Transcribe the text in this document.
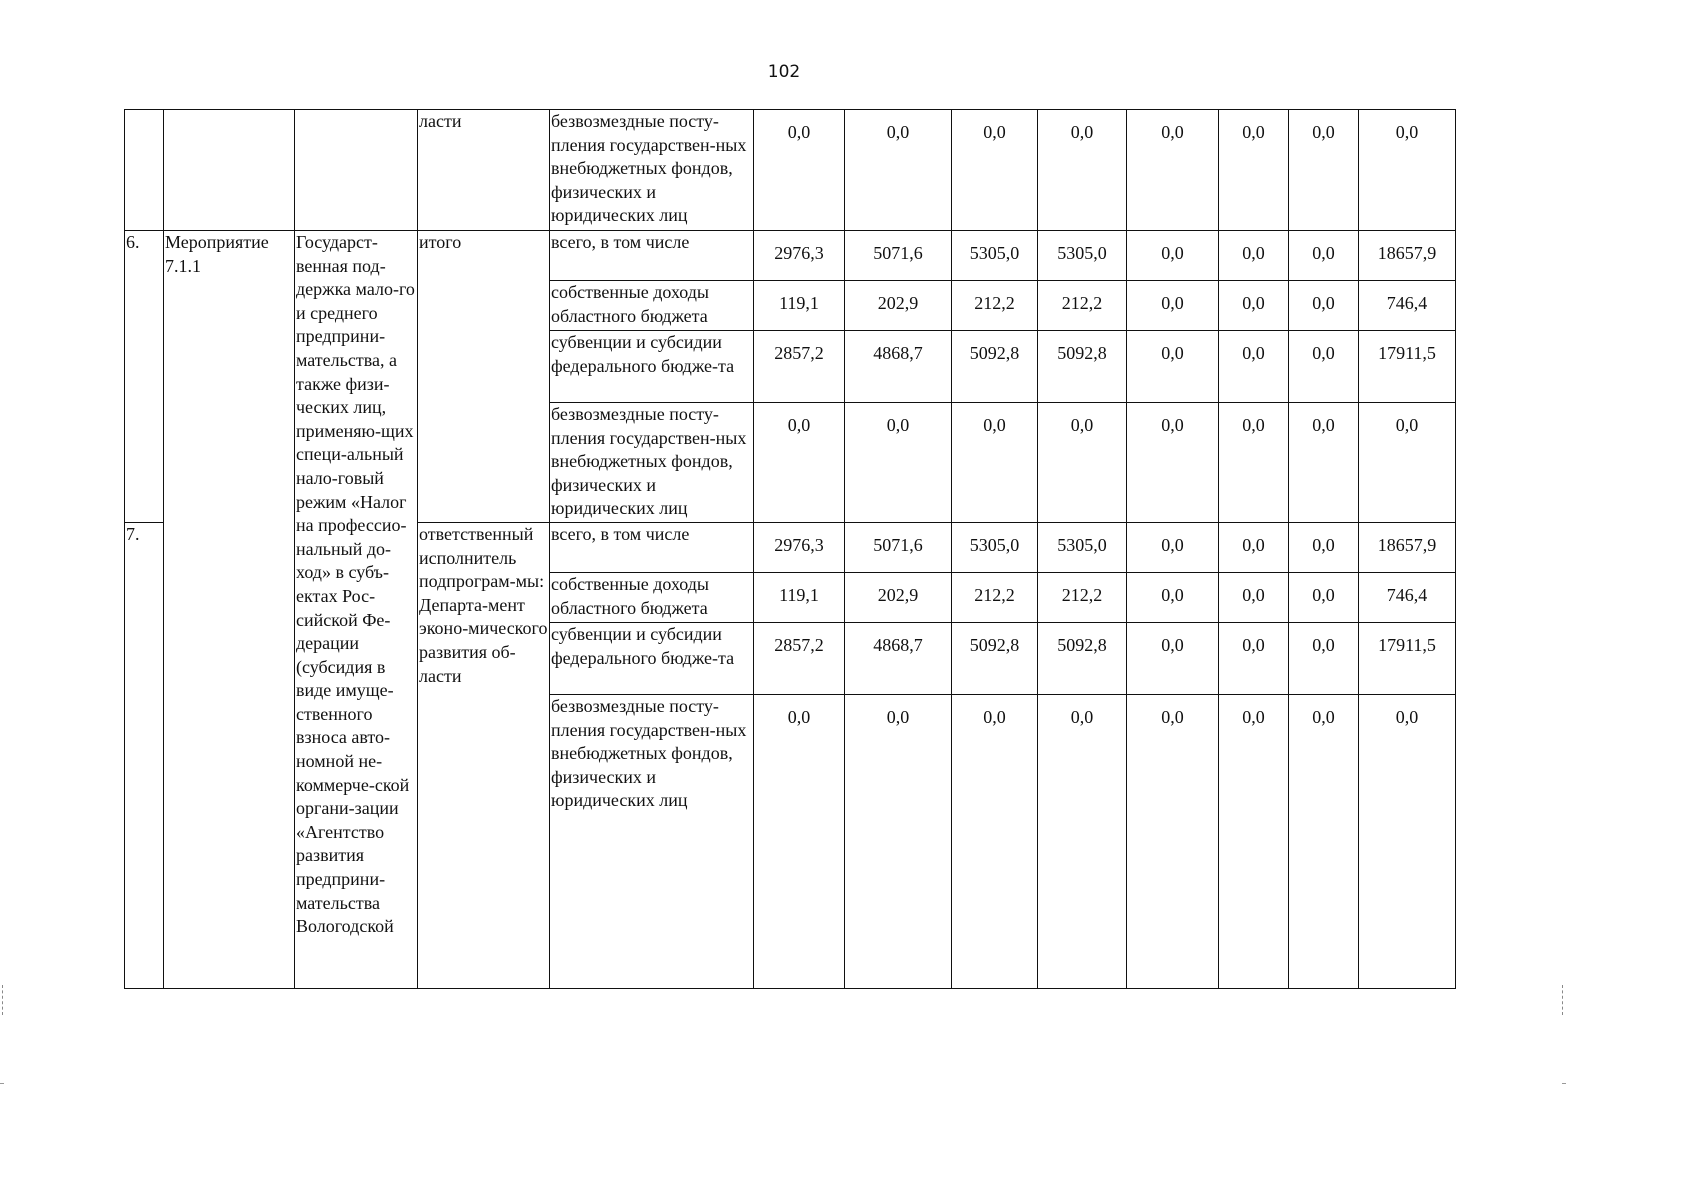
102
			ласти	безвозмездные посту-пления государствен-ных внебюджетных фондов, физических и юридических лиц	0,0	0,0	0,0	0,0	0,0	0,0	0,0	0,0
6.	Мероприятие 7.1.1	Государст-венная под-держка мало-го и среднего предприни-мательства, а также физи-ческих лиц, применяю-щих специ-альный нало-говый режим «Налог на профессио-нальный до-ход» в субъ-ектах Рос-сийской Фе-дерации (субсидия в виде имуще-ственного взноса авто-номной не-коммерче-ской органи-зации «Агентство развития предприни-мательства Вологодской	итого	всего, в том числе	2976,3	5071,6	5305,0	5305,0	0,0	0,0	0,0	18657,9
				собственные доходы областного бюджета	119,1	202,9	212,2	212,2	0,0	0,0	0,0	746,4
				субвенции и субсидии федерального бюдже-та	2857,2	4868,7	5092,8	5092,8	0,0	0,0	0,0	17911,5
				безвозмездные посту-пления государствен-ных внебюджетных фондов, физических и юридических лиц	0,0	0,0	0,0	0,0	0,0	0,0	0,0	0,0
7.			ответственный исполнитель подпрограм-мы: Департа-мент эконо-мического развития об-ласти	всего, в том числе	2976,3	5071,6	5305,0	5305,0	0,0	0,0	0,0	18657,9
				собственные доходы областного бюджета	119,1	202,9	212,2	212,2	0,0	0,0	0,0	746,4
				субвенции и субсидии федерального бюдже-та	2857,2	4868,7	5092,8	5092,8	0,0	0,0	0,0	17911,5
				безвозмездные посту-пления государствен-ных внебюджетных фондов, физических и юридических лиц	0,0	0,0	0,0	0,0	0,0	0,0	0,0	0,0
